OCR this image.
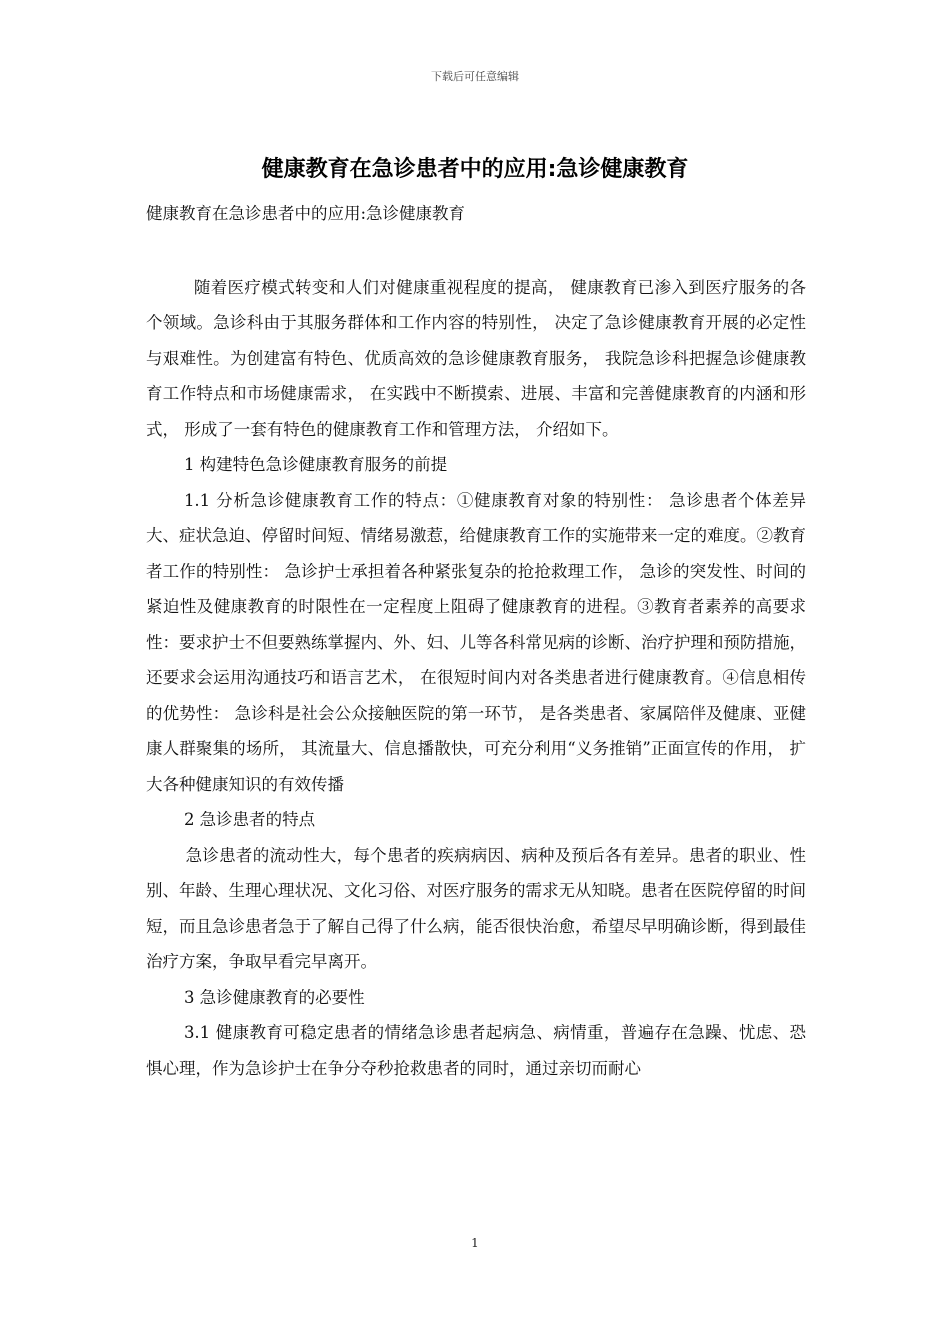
下载后可任意编辑
健康教育在急诊患者中的应用:急诊健康教育

健康教育在急诊患者中的应用:急诊健康教育

随着医疗模式转变和人们对健康重视程度的提高， 健康教育已渗入到医疗服务的各个领域。急诊科由于其服务群体和工作内容的特别性， 决定了急诊健康教育开展的必定性与艰难性。为创建富有特色、优质高效的急诊健康教育服务， 我院急诊科把握急诊健康教育工作特点和市场健康需求， 在实践中不断摸索、进展、丰富和完善健康教育的内涵和形式， 形成了一套有特色的健康教育工作和管理方法， 介绍如下。

1 构建特色急诊健康教育服务的前提

1.1 分析急诊健康教育工作的特点：①健康教育对象的特别性： 急诊患者个体差异大、症状急迫、停留时间短、情绪易激惹，给健康教育工作的实施带来一定的难度。②教育者工作的特别性： 急诊护士承担着各种紧张复杂的抢抢救理工作， 急诊的突发性、时间的紧迫性及健康教育的时限性在一定程度上阻碍了健康教育的进程。③教育者素养的高要求性：要求护士不但要熟练掌握内、外、妇、儿等各科常见病的诊断、治疗护理和预防措施， 还要求会运用沟通技巧和语言艺术， 在很短时间内对各类患者进行健康教育。④信息相传的优势性： 急诊科是社会公众接触医院的第一环节， 是各类患者、家属陪伴及健康、亚健康人群聚集的场所， 其流量大、信息播散快，可充分利用“义务推销”正面宣传的作用， 扩大各种健康知识的有效传播

2 急诊患者的特点

急诊患者的流动性大，每个患者的疾病病因、病种及预后各有差异。患者的职业、性别、年龄、生理心理状况、文化习俗、对医疗服务的需求无从知晓。患者在医院停留的时间短，而且急诊患者急于了解自己得了什么病，能否很快治愈，希望尽早明确诊断，得到最佳治疗方案，争取早看完早离开。

3 急诊健康教育的必要性

3.1 健康教育可稳定患者的情绪急诊患者起病急、病情重，普遍存在急躁、忧虑、恐惧心理，作为急诊护士在争分夺秒抢救患者的同时，通过亲切而耐心

1
